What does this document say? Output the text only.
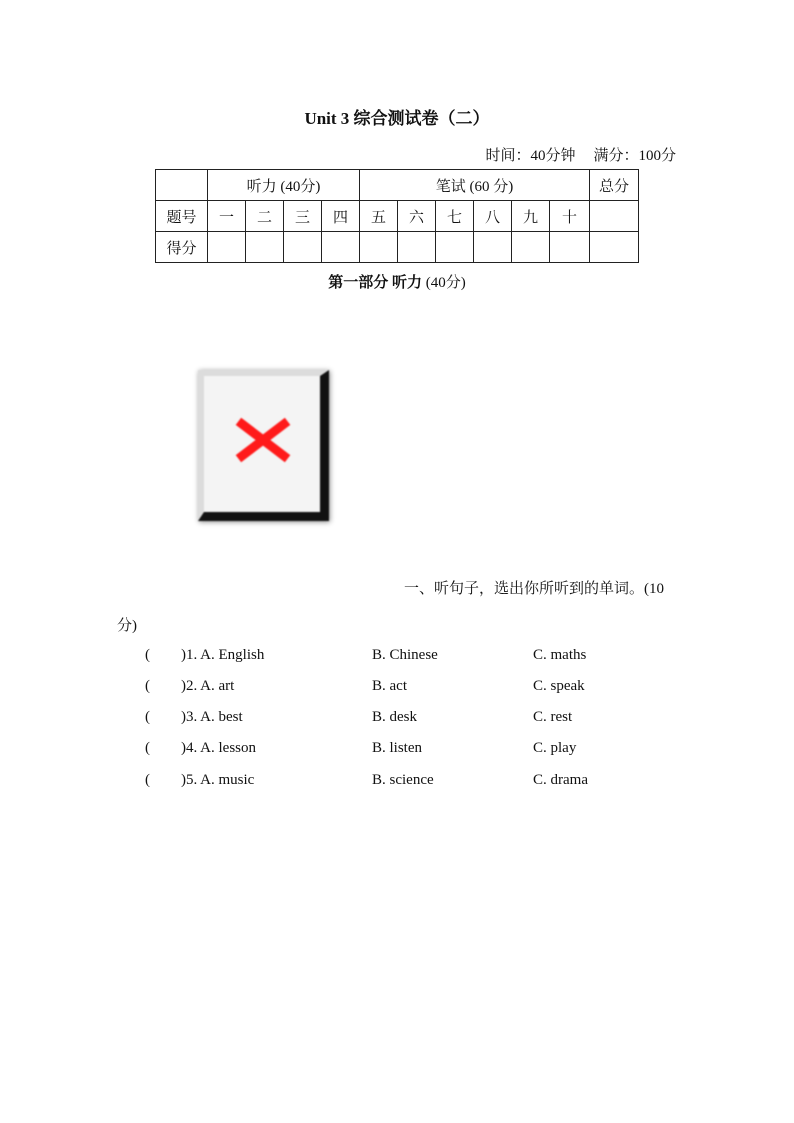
Unit 3 综合测试卷（二）
时间：40分钟 满分：100分
	听力 (40分)				笔试 (60 分)						总分
题号	一	二	三	四	五	六	七	八	九	十	
得分											
第一部分 听力 (40分)
一、听句子，选出你所听到的单词。(10
分)
( )1. A. English	B. Chinese	C. maths
( )2. A. art	B. act	C. speak
( )3. A. best	B. desk	C. rest
( )4. A. lesson	B. listen	C. play
( )5. A. music	B. science	C. drama
